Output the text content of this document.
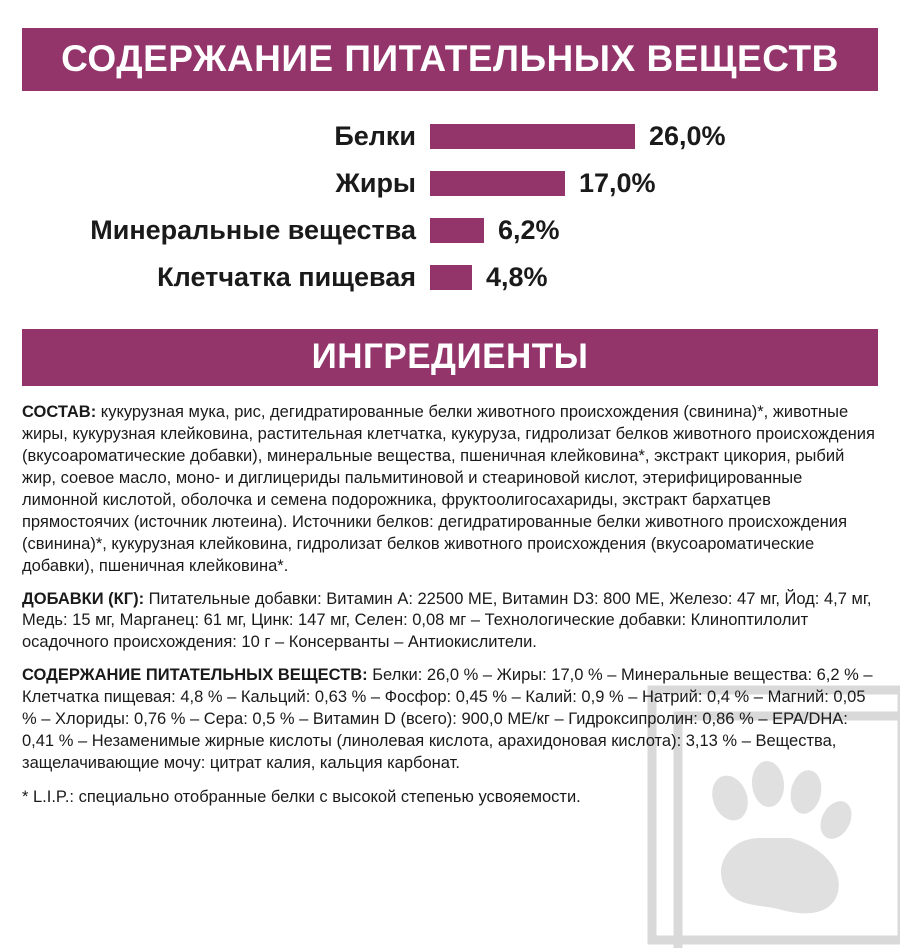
СОДЕРЖАНИЕ ПИТАТЕЛЬНЫХ ВЕЩЕСТВ
Белки	26,0%
Жиры	17,0%
Минеральные вещества	6,2%
Клетчатка пищевая	4,8%
ИНГРЕДИЕНТЫ

СОСТАВ: кукурузная мука, рис, дегидратированные белки животного происхождения (свинина)*, животные жиры, кукурузная клейковина, растительная клетчатка, кукуруза, гидролизат белков животного происхождения (вкусоароматические добавки), минеральные вещества, пшеничная клейковина*, экстракт цикория, рыбий жир, соевое масло, моно- и диглицериды пальмитиновой и стеариновой кислот, этерифицированные лимонной кислотой, оболочка и семена подорожника, фруктоолигосахариды, экстракт бархатцев прямостоячих (источник лютеина). Источники белков: дегидратированные белки животного происхождения (свинина)*, кукурузная клейковина, гидролизат белков животного происхождения (вкусоароматические добавки), пшеничная клейковина*.

ДОБАВКИ (КГ): Питательные добавки: Витамин А: 22500 МЕ, Витамин D3: 800 МЕ, Железо: 47 мг, Йод: 4,7 мг, Медь: 15 мг, Марганец: 61 мг, Цинк: 147 мг, Селен: 0,08 мг – Технологические добавки: Клиноптилолит осадочного происхождения: 10 г – Консерванты – Антиокислители.

СОДЕРЖАНИЕ ПИТАТЕЛЬНЫХ ВЕЩЕСТВ: Белки: 26,0 % – Жиры: 17,0 % – Минеральные вещества: 6,2 % – Клетчатка пищевая: 4,8 % – Кальций: 0,63 % – Фосфор: 0,45 % – Калий: 0,9 % – Натрий: 0,4 % – Магний: 0,05 % – Хлориды: 0,76 % – Сера: 0,5 % – Витамин D (всего): 900,0 МЕ/кг – Гидроксипролин: 0,86 % – EPA/DHA: 0,41 % – Незаменимые жирные кислоты (линолевая кислота, арахидоновая кислота): 3,13 % – Вещества, защелачивающие мочу: цитрат калия, кальция карбонат.

* L.I.P.: специально отобранные белки с высокой степенью усвояемости.
